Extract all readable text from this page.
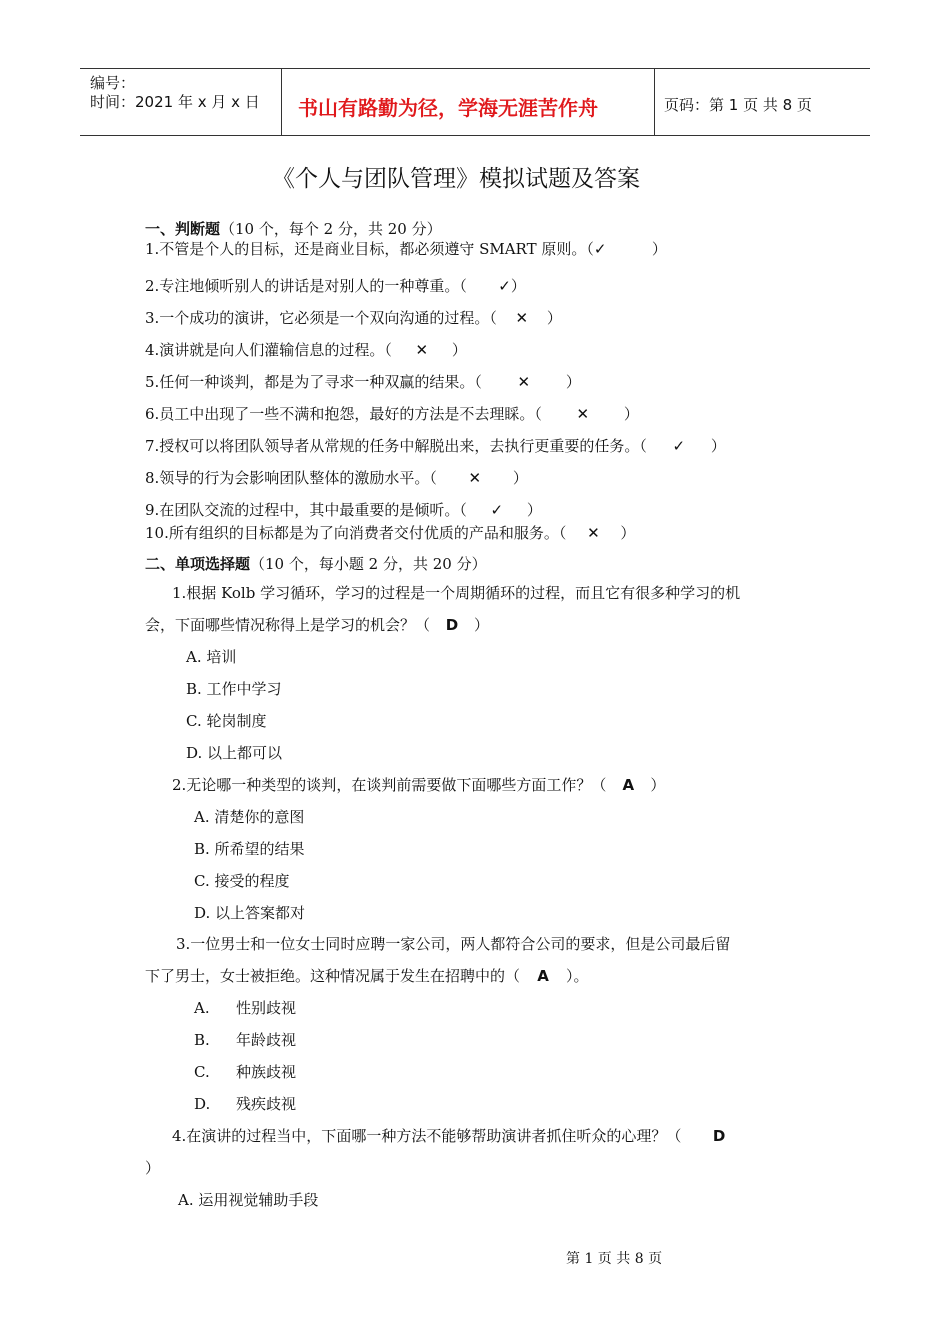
编号：
时间：2021 年 x 月 x 日 书山有路勤为径，学海无涯苦作舟	页码：第 1 页 共 8 页
《个人与团队管理》模拟试题及答案
一、判断题（10 个，每个 2 分，共 20 分）
1.不管是个人的目标，还是商业目标，都必须遵守 SMART 原则。（✓	）
2.专注地倾听别人的讲话是对别人的一种尊重。（ ✓）
3.一个成功的演讲，它必须是一个双向沟通的过程。（ ✕ ）
4.演讲就是向人们灌输信息的过程。（ ✕ ）
5.任何一种谈判，都是为了寻求一种双赢的结果。（ ✕ ）
6.员工中出现了一些不满和抱怨，最好的方法是不去理睬。（ ✕ ）
7.授权可以将团队领导者从常规的任务中解脱出来，去执行更重要的任务。（ ✓ ）
8.领导的行为会影响团队整体的激励水平。（ ✕ ）
9.在团队交流的过程中，其中最重要的是倾听。（ ✓ ）
10.所有组织的目标都是为了向消费者交付优质的产品和服务。（ ✕ ）
二、单项选择题（10 个，每小题 2 分，共 20 分）
1.根据 Kolb 学习循环，学习的过程是一个周期循环的过程，而且它有很多种学习的机
会，下面哪些情况称得上是学习的机会？（ D ）
A. 培训
B. 工作中学习
C. 轮岗制度
D. 以上都可以
2.无论哪一种类型的谈判，在谈判前需要做下面哪些方面工作？（ A ）
A. 清楚你的意图
B. 所希望的结果
C. 接受的程度
D. 以上答案都对
3.一位男士和一位女士同时应聘一家公司，两人都符合公司的要求，但是公司最后留
下了男士，女士被拒绝。这种情况属于发生在招聘中的（ A ）。
A. 性别歧视
B. 年龄歧视
C. 种族歧视
D. 残疾歧视
4.在演讲的过程当中，下面哪一种方法不能够帮助演讲者抓住听众的心理？（ D
）
A. 运用视觉辅助手段
第 1 页 共 8 页
